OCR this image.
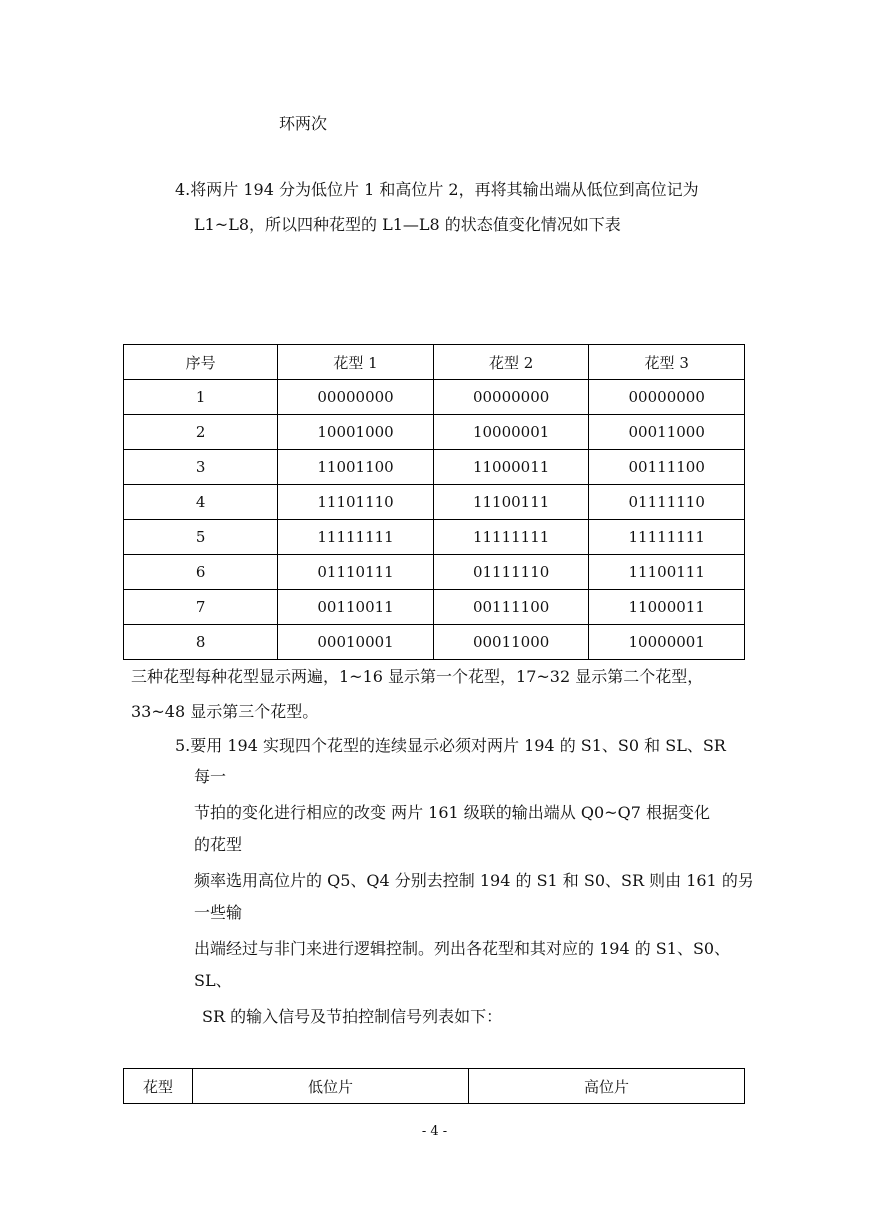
环两次
4.将两片 194 分为低位片 1 和高位片 2，再将其输出端从低位到高位记为
L1~L8，所以四种花型的 L1—L8 的状态值变化情况如下表
序号	花型 1	花型 2	花型 3
1	00000000	00000000	00000000
2	10001000	10000001	00011000
3	11001100	11000011	00111100
4	11101110	11100111	01111110
5	11111111	11111111	11111111
6	01110111	01111110	11100111
7	00110011	00111100	11000011
8	00010001	00011000	10000001
三种花型每种花型显示两遍，1~16 显示第一个花型，17~32 显示第二个花型，
33~48 显示第三个花型。
5.要用 194 实现四个花型的连续显示必须对两片 194 的 S1、S0 和 SL、SR
每一
节拍的变化进行相应的改变 两片 161 级联的输出端从 Q0~Q7 根据变化
的花型
频率选用高位片的 Q5、Q4 分别去控制 194 的 S1 和 S0、SR 则由 161 的另
一些输
出端经过与非门来进行逻辑控制。列出各花型和其对应的 194 的 S1、S0、
SL、
SR 的输入信号及节拍控制信号列表如下：
花型	低位片	高位片
- 4 -
